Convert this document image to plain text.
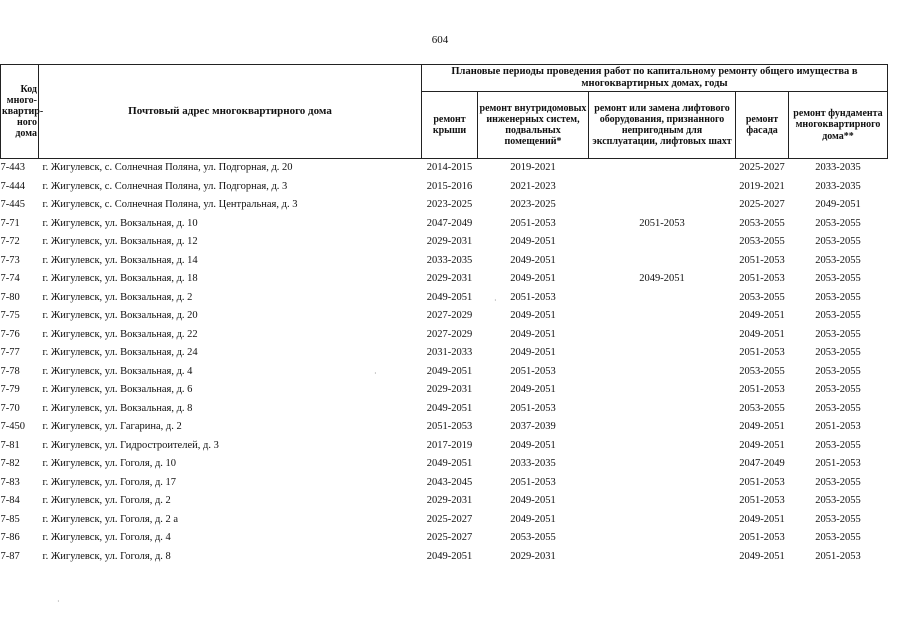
604
Код
много-
квартир-
ного
дома	Почтовый адрес многоквартирного дома	Плановые периоды проведения работ по капитальному ремонту общего имущества в многоквартирных домах, годы				
		ремонт крыши	ремонт внутридомовых инженерных систем, подвальных помещений*	ремонт или замена лифтового оборудования, признанного непригодным для эксплуатации, лифтовых шахт	ремонт фасада	ремонт фундамента многоквартирного дома**
7-443	г. Жигулевск, с. Солнечная Поляна, ул. Подгорная, д. 20	2014-2015	2019-2021		2025-2027	2033-2035
7-444	г. Жигулевск, с. Солнечная Поляна, ул. Подгорная, д. 3	2015-2016	2021-2023		2019-2021	2033-2035
7-445	г. Жигулевск, с. Солнечная Поляна, ул. Центральная, д. 3	2023-2025	2023-2025		2025-2027	2049-2051
7-71	г. Жигулевск, ул. Вокзальная, д. 10	2047-2049	2051-2053	2051-2053	2053-2055	2053-2055
7-72	г. Жигулевск, ул. Вокзальная, д. 12	2029-2031	2049-2051		2053-2055	2053-2055
7-73	г. Жигулевск, ул. Вокзальная, д. 14	2033-2035	2049-2051		2051-2053	2053-2055
7-74	г. Жигулевск, ул. Вокзальная, д. 18	2029-2031	2049-2051	2049-2051	2051-2053	2053-2055
7-80	г. Жигулевск, ул. Вокзальная, д. 2	2049-2051	2051-2053		2053-2055	2053-2055
7-75	г. Жигулевск, ул. Вокзальная, д. 20	2027-2029	2049-2051		2049-2051	2053-2055
7-76	г. Жигулевск, ул. Вокзальная, д. 22	2027-2029	2049-2051		2049-2051	2053-2055
7-77	г. Жигулевск, ул. Вокзальная, д. 24	2031-2033	2049-2051		2051-2053	2053-2055
7-78	г. Жигулевск, ул. Вокзальная, д. 4	2049-2051	2051-2053		2053-2055	2053-2055
7-79	г. Жигулевск, ул. Вокзальная, д. 6	2029-2031	2049-2051		2051-2053	2053-2055
7-70	г. Жигулевск, ул. Вокзальная, д. 8	2049-2051	2051-2053		2053-2055	2053-2055
7-450	г. Жигулевск, ул. Гагарина, д. 2	2051-2053	2037-2039		2049-2051	2051-2053
7-81	г. Жигулевск, ул. Гидростроителей, д. 3	2017-2019	2049-2051		2049-2051	2053-2055
7-82	г. Жигулевск, ул. Гоголя, д. 10	2049-2051	2033-2035		2047-2049	2051-2053
7-83	г. Жигулевск, ул. Гоголя, д. 17	2043-2045	2051-2053		2051-2053	2053-2055
7-84	г. Жигулевск, ул. Гоголя, д. 2	2029-2031	2049-2051		2051-2053	2053-2055
7-85	г. Жигулевск, ул. Гоголя, д. 2 а	2025-2027	2049-2051		2049-2051	2053-2055
7-86	г. Жигулевск, ул. Гоголя, д. 4	2025-2027	2053-2055		2051-2053	2053-2055
7-87	г. Жигулевск, ул. Гоголя, д. 8	2049-2051	2029-2031		2049-2051	2051-2053
·
·
·
